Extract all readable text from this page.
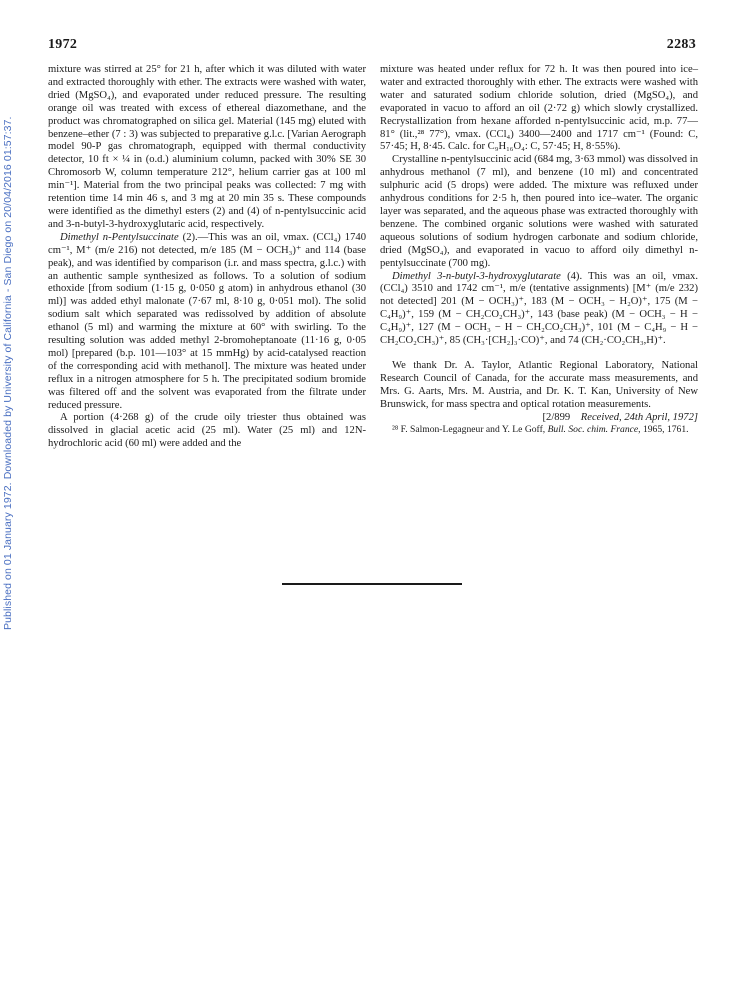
Published on 01 January 1972. Downloaded by University of California - San Diego on 20/04/2016 01:57:37.
1972	2283

mixture was stirred at 25° for 21 h, after which it was diluted with water and extracted thoroughly with ether. The extracts were washed with water, dried (MgSO₄), and evaporated under reduced pressure. The resulting orange oil was treated with excess of ethereal diazomethane, and the product was chromatographed on silica gel. Material (145 mg) eluted with benzene–ether (7 : 3) was subjected to preparative g.l.c. [Varian Aerograph model 90-P gas chromatograph, equipped with thermal conductivity detector, 10 ft × ¼ in (o.d.) aluminium column, packed with 30% SE 30 Chromosorb W, column temperature 212°, helium carrier gas at 100 ml min⁻¹]. Material from the two principal peaks was collected: 7 mg with retention time 14 min 46 s, and 3 mg at 20 min 35 s. These compounds were identified as the dimethyl esters (2) and (4) of n-pentylsuccinic acid and 3-n-butyl-3-hydroxyglutaric acid, respectively.

Dimethyl n-Pentylsuccinate (2).—This was an oil, νmax. (CCl₄) 1740 cm⁻¹, M⁺ (m/e 216) not detected, m/e 185 (M − OCH₃)⁺ and 114 (base peak), and was identified by comparison (i.r. and mass spectra, g.l.c.) with an authentic sample synthesized as follows. To a solution of sodium ethoxide [from sodium (1·15 g, 0·050 g atom) in anhydrous ethanol (30 ml)] was added ethyl malonate (7·67 ml, 8·10 g, 0·051 mol). The solid sodium salt which separated was redissolved by addition of absolute ethanol (5 ml) and warming the mixture at 60° with swirling. To the resulting solution was added methyl 2-bromoheptanoate (11·16 g, 0·05 mol) [prepared (b.p. 101—103° at 15 mmHg) by acid-catalysed reaction of the corresponding acid with methanol]. The mixture was heated under reflux in a nitrogen atmosphere for 5 h. The precipitated sodium bromide was filtered off and the solvent was evaporated from the filtrate under reduced pressure.

A portion (4·268 g) of the crude oily triester thus obtained was dissolved in glacial acetic acid (25 ml). Water (25 ml) and 12N-hydrochloric acid (60 ml) were added and the

mixture was heated under reflux for 72 h. It was then poured into ice–water and extracted thoroughly with ether. The extracts were washed with water and saturated sodium chloride solution, dried (MgSO₄), and evaporated in vacuo to afford an oil (2·72 g) which slowly crystallized. Recrystallization from hexane afforded n-pentylsuccinic acid, m.p. 77—81° (lit.,²⁸ 77°), νmax. (CCl₄) 3400—2400 and 1717 cm⁻¹ (Found: C, 57·45; H, 8·45. Calc. for C₉H₁₆O₄: C, 57·45; H, 8·55%).

Crystalline n-pentylsuccinic acid (684 mg, 3·63 mmol) was dissolved in anhydrous methanol (7 ml), and benzene (10 ml) and concentrated sulphuric acid (5 drops) were added. The mixture was refluxed under anhydrous conditions for 2·5 h, then poured into ice–water. The organic layer was separated, and the aqueous phase was extracted thoroughly with benzene. The combined organic solutions were washed with saturated aqueous solutions of sodium hydrogen carbonate and sodium chloride, dried (MgSO₄), and evaporated in vacuo to afford oily dimethyl n-pentylsuccinate (700 mg).

Dimethyl 3-n-butyl-3-hydroxyglutarate (4). This was an oil, νmax. (CCl₄) 3510 and 1742 cm⁻¹, m/e (tentative assignments) [M⁺ (m/e 232) not detected] 201 (M − OCH₃)⁺, 183 (M − OCH₃ − H₂O)⁺, 175 (M − C₄H₉)⁺, 159 (M − CH₂CO₂CH₃)⁺, 143 (base peak) (M − OCH₃ − H − C₄H₉)⁺, 127 (M − OCH₃ − H − CH₂CO₂CH₃)⁺, 101 (M − C₄H₉ − H − CH₂CO₂CH₃)⁺, 85 (CH₃·[CH₂]₃·CO)⁺, and 74 (CH₂·CO₂CH₃,H)⁺.

We thank Dr. A. Taylor, Atlantic Regional Laboratory, National Research Council of Canada, for the accurate mass measurements, and Mrs. G. Aarts, Mrs. M. Austria, and Dr. K. T. Kan, University of New Brunswick, for mass spectra and optical rotation measurements.

[2/899 Received, 24th April, 1972]

²⁸ F. Salmon-Legagneur and Y. Le Goff, Bull. Soc. chim. France, 1965, 1761.
